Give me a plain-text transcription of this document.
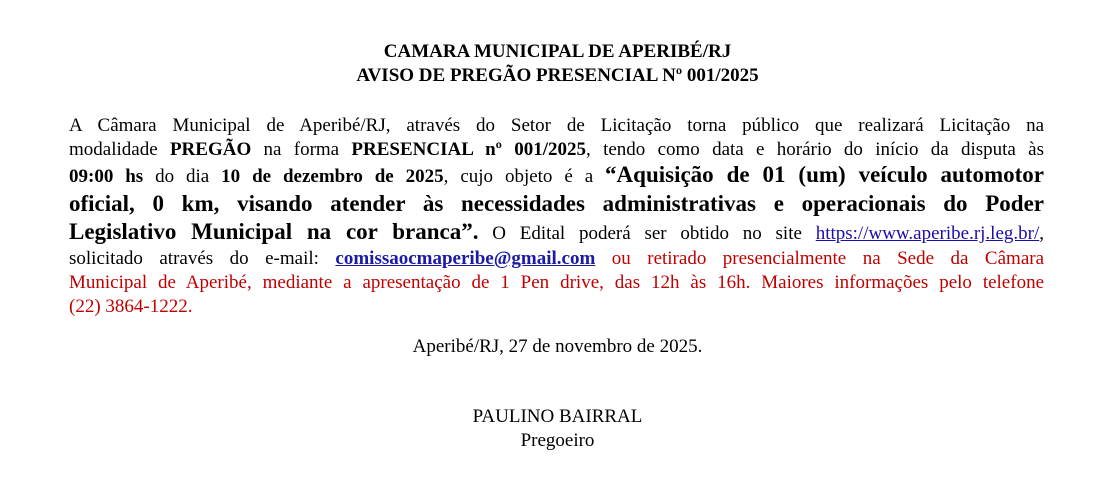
CAMARA MUNICIPAL DE APERIBÉ/RJ
AVISO DE PREGÃO PRESENCIAL Nº 001/2025
A Câmara Municipal de Aperibé/RJ, através do Setor de Licitação torna público que realizará Licitação na
modalidade PREGÃO na forma PRESENCIAL nº 001/2025, tendo como data e horário do início da disputa às
09:00 hs do dia 10 de dezembro de 2025, cujo objeto é a “Aquisição de 01 (um) veículo automotor
oficial, 0 km, visando atender às necessidades administrativas e operacionais do Poder
Legislativo Municipal na cor branca”. O Edital poderá ser obtido no site https://www.aperibe.rj.leg.br/,
solicitado através do e-mail: comissaocmaperibe@gmail.com ou retirado presencialmente na Sede da Câmara
Municipal de Aperibé, mediante a apresentação de 1 Pen drive, das 12h às 16h. Maiores informações pelo telefone
(22) 3864-1222.
Aperibé/RJ, 27 de novembro de 2025.
PAULINO BAIRRAL
Pregoeiro
